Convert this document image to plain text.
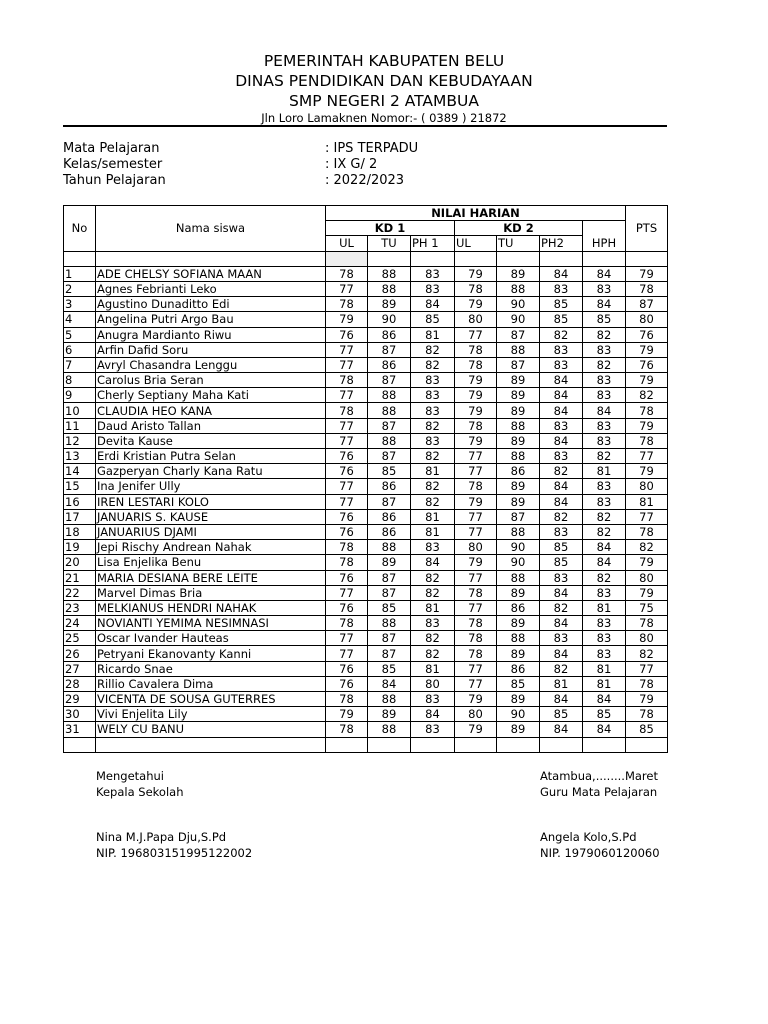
PEMERINTAH KABUPATEN BELU
DINAS PENDIDIKAN DAN KEBUDAYAAN
SMP NEGERI 2 ATAMBUA
Jln Loro Lamaknen Nomor:- ( 0389 ) 21872
Mata Pelajaran	: IPS TERPADU
Kelas/semester	: IX G/ 2
Tahun Pelajaran	: 2022/2023
No	Nama siswa	NILAI HARIAN							PTS
		KD 1			KD 2				
		UL	TU	PH 1	UL	TU	PH2	HPH	

1	ADE CHELSY SOFIANA MAAN	78	88	83	79	89	84	84	79
2	Agnes Febrianti Leko	77	88	83	78	88	83	83	78
3	Agustino Dunaditto Edi	78	89	84	79	90	85	84	87
4	Angelina Putri Argo Bau	79	90	85	80	90	85	85	80
5	Anugra Mardianto Riwu	76	86	81	77	87	82	82	76
6	Arfin Dafid Soru	77	87	82	78	88	83	83	79
7	Avryl Chasandra Lenggu	77	86	82	78	87	83	82	76
8	Carolus Bria Seran	78	87	83	79	89	84	83	79
9	Cherly Septiany Maha Kati	77	88	83	79	89	84	83	82
10	CLAUDIA HEO KANA	78	88	83	79	89	84	84	78
11	Daud Aristo Tallan	77	87	82	78	88	83	83	79
12	Devita Kause	77	88	83	79	89	84	83	78
13	Erdi Kristian Putra Selan	76	87	82	77	88	83	82	77
14	Gazperyan Charly Kana Ratu	76	85	81	77	86	82	81	79
15	Ina Jenifer Ully	77	86	82	78	89	84	83	80
16	IREN LESTARI KOLO	77	87	82	79	89	84	83	81
17	JANUARIS S. KAUSE	76	86	81	77	87	82	82	77
18	JANUARIUS DJAMI	76	86	81	77	88	83	82	78
19	Jepi Rischy Andrean Nahak	78	88	83	80	90	85	84	82
20	Lisa Enjelika Benu	78	89	84	79	90	85	84	79
21	MARIA DESIANA BERE LEITE	76	87	82	77	88	83	82	80
22	Marvel Dimas Bria	77	87	82	78	89	84	83	79
23	MELKIANUS HENDRI NAHAK	76	85	81	77	86	82	81	75
24	NOVIANTI YEMIMA NESIMNASI	78	88	83	78	89	84	83	78
25	Oscar Ivander Hauteas	77	87	82	78	88	83	83	80
26	Petryani Ekanovanty Kanni	77	87	82	78	89	84	83	82
27	Ricardo Snae	76	85	81	77	86	82	81	77
28	Rillio Cavalera Dima	76	84	80	77	85	81	81	78
29	VICENTA DE SOUSA GUTERRES	78	88	83	79	89	84	84	79
30	Vivi Enjelita Lily	79	89	84	80	90	85	85	78
31	WELY CU BANU	78	88	83	79	89	84	84	85

Mengetahui
Kepala Sekolah
Nina M.J.Papa Dju,S.Pd
NIP. 196803151995122002
Atambua,........Maret
Guru Mata Pelajaran
Angela Kolo,S.Pd
NIP. 1979060120060
